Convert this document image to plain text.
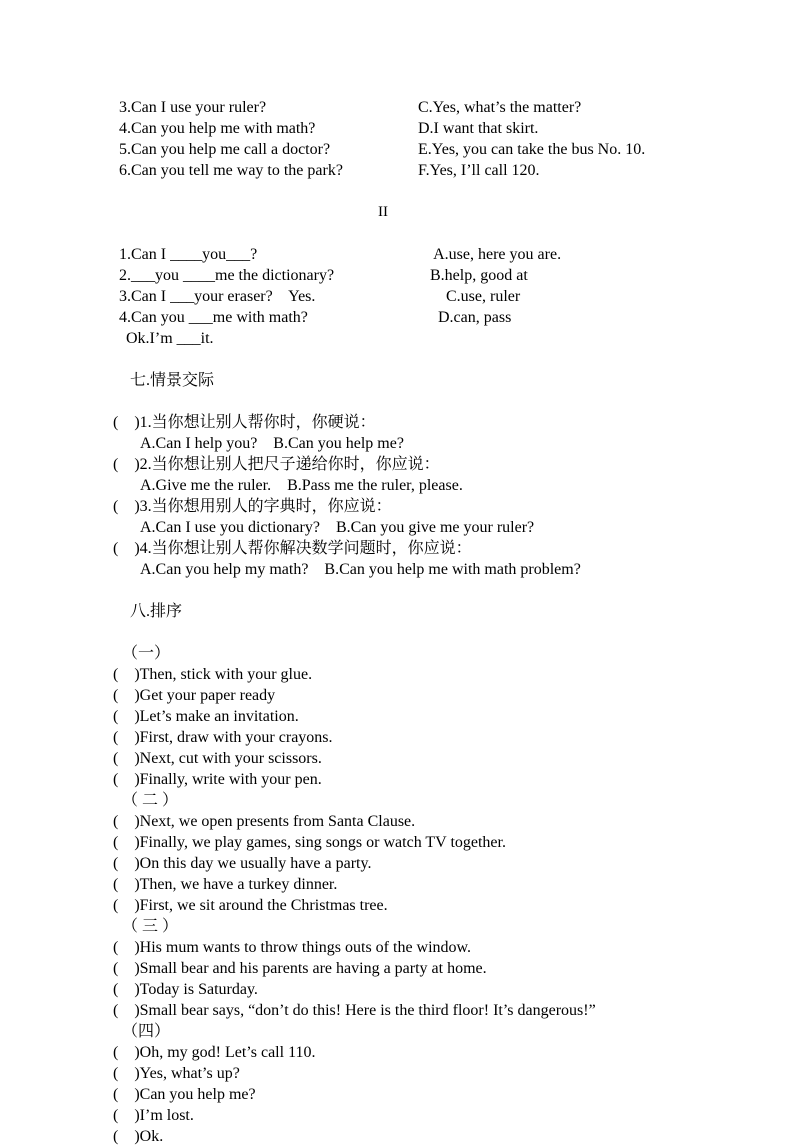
3.Can I use your ruler?	C.Yes, what’s the matter?
4.Can you help me with math?	D.I want that skirt.
5.Can you help me call a doctor?	E.Yes, you can take the bus No. 10.
6.Can you tell me way to the park?	F.Yes, I’ll call 120.

II

1.Can I ____you___?	A.use, here you are.
2.___you ____me the dictionary?	B.help, good at
3.Can I ___your eraser?    Yes.	C.use, ruler
4.Can you ___me with math?	D.can, pass
Ok.I’m ___it.

七.情景交际

(    )1.当你想让别人帮你时，你硬说：
A.Can I help you?    B.Can you help me?
(    )2.当你想让别人把尺子递给你时，你应说：
A.Give me the ruler.    B.Pass me the ruler, please.
(    )3.当你想用别人的字典时，你应说：
A.Can I use you dictionary?    B.Can you give me your ruler?
(    )4.当你想让别人帮你解决数学问题时，你应说：
A.Can you help my math?    B.Can you help me with math problem?

八.排序

（一）
(    )Then, stick with your glue.
(    )Get your paper ready
(    )Let’s make an invitation.
(    )First, draw with your crayons.
(    )Next, cut with your scissors.
(    )Finally, write with your pen.
（ 二 ）
(    )Next, we open presents from Santa Clause.
(    )Finally, we play games, sing songs or watch TV together.
(    )On this day we usually have a party.
(    )Then, we have a turkey dinner.
(    )First, we sit around the Christmas tree.
（ 三 ）
(    )His mum wants to throw things outs of the window.
(    )Small bear and his parents are having a party at home.
(    )Today is Saturday.
(    )Small bear says, “don’t do this! Here is the third floor! It’s dangerous!”
（四）
(    )Oh, my god! Let’s call 110.
(    )Yes, what’s up?
(    )Can you help me?
(    )I’m lost.
(    )Ok.
